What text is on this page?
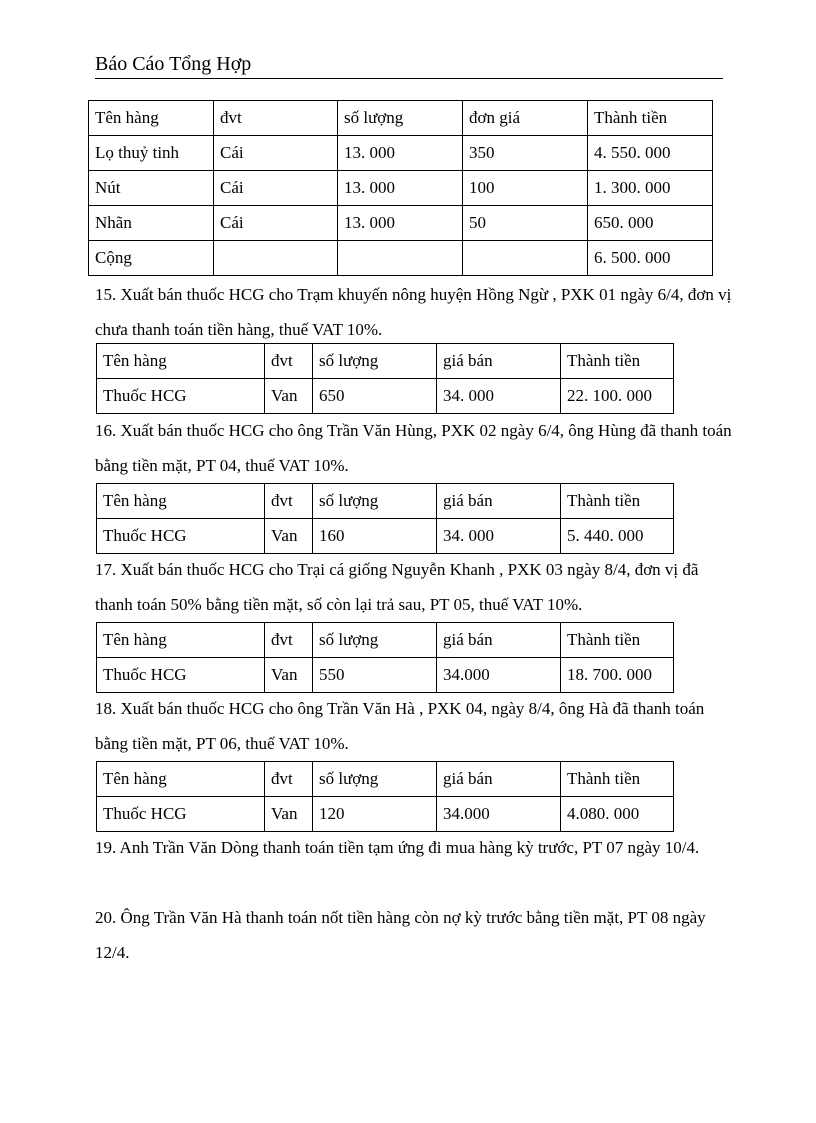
Báo Cáo Tổng Hợp
Tên hàng	đvt	số lượng	đơn giá	Thành tiền
Lọ thuỷ tinh	Cái	13. 000	350	4. 550. 000
Nút	Cái	13. 000	100	1. 300. 000
Nhãn	Cái	13. 000	50	650. 000
Cộng				6. 500. 000
15. Xuất bán thuốc HCG cho Trạm khuyến nông huyện Hồng Ngừ , PXK 01 ngày 6/4, đơn vị chưa thanh toán tiền hàng, thuế VAT 10%.
Tên hàng	đvt	số lượng	giá bán	Thành tiền
Thuốc HCG	Van	650	34. 000	22. 100. 000
16. Xuất bán thuốc HCG cho ông Trần Văn Hùng, PXK 02 ngày 6/4, ông Hùng đã thanh toán bằng tiền mặt, PT 04, thuế VAT 10%.
Tên hàng	đvt	số lượng	giá bán	Thành tiền
Thuốc HCG	Van	160	34. 000	5. 440. 000
17. Xuất bán thuốc HCG cho Trại cá giống Nguyễn Khanh , PXK 03 ngày 8/4, đơn vị đã thanh toán 50% bằng tiền mặt, số còn lại trả sau, PT 05, thuế VAT 10%.
Tên hàng	đvt	số lượng	giá bán	Thành tiền
Thuốc HCG	Van	550	34.000	18. 700. 000
18. Xuất bán thuốc HCG cho ông Trần Văn Hà , PXK 04, ngày 8/4, ông Hà đã thanh toán bằng tiền mặt, PT 06, thuế VAT 10%.
Tên hàng	đvt	số lượng	giá bán	Thành tiền
Thuốc HCG	Van	120	34.000	4.080. 000
19. Anh Trần Văn Dòng thanh toán tiền tạm ứng đi mua hàng kỳ trước, PT 07 ngày 10/4.
20. Ông Trần Văn Hà thanh toán nốt tiền hàng còn nợ kỳ trước bằng tiền mặt, PT 08 ngày 12/4.
